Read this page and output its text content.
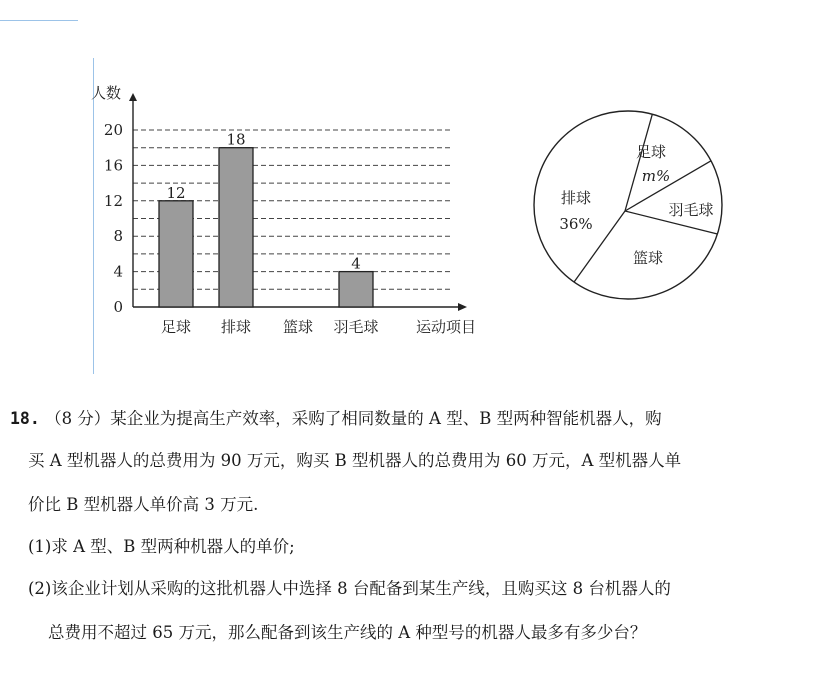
0
4
8
12
16
20
人数
运动项目
12
足球
18
排球 篮球
4
羽毛球
足球
m%
羽毛球
篮球
排球
36%
18. （8 分）某企业为提高生产效率，采购了相同数量的 A 型、B 型两种智能机器人，购
买 A 型机器人的总费用为 90 万元，购买 B 型机器人的总费用为 60 万元，A 型机器人单
价比 B 型机器人单价高 3 万元.
(1)求 A 型、B 型两种机器人的单价;
(2)该企业计划从采购的这批机器人中选择 8 台配备到某生产线，且购买这 8 台机器人的
总费用不超过 65 万元，那么配备到该生产线的 A 种型号的机器人最多有多少台？
